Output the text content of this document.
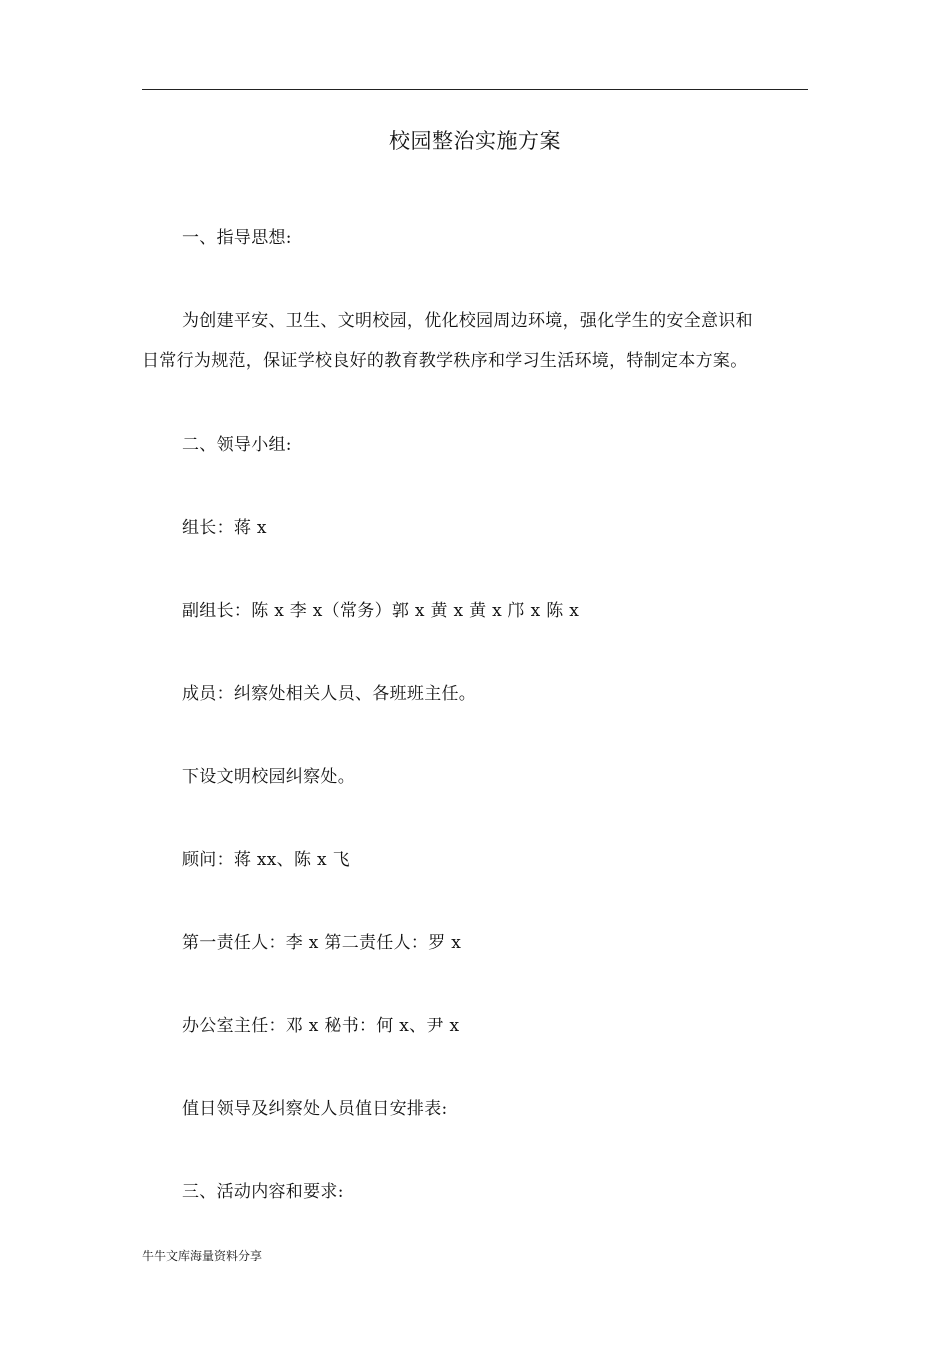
校园整治实施方案
一、指导思想:
为创建平安、卫生、文明校园，优化校园周边环境，强化学生的安全意识和
日常行为规范，保证学校良好的教育教学秩序和学习生活环境，特制定本方案。
二、领导小组:
组长：蒋 x
副组长：陈 x 李 x（常务）郭 x 黄 x 黄 x 邝 x 陈 x
成员：纠察处相关人员、各班班主任。
下设文明校园纠察处。
顾问：蒋 xx、陈 x 飞
第一责任人：李 x 第二责任人：罗 x
办公室主任：邓 x 秘书：何 x、尹 x
值日领导及纠察处人员值日安排表:
三、活动内容和要求:
牛牛文库海量资料分享
